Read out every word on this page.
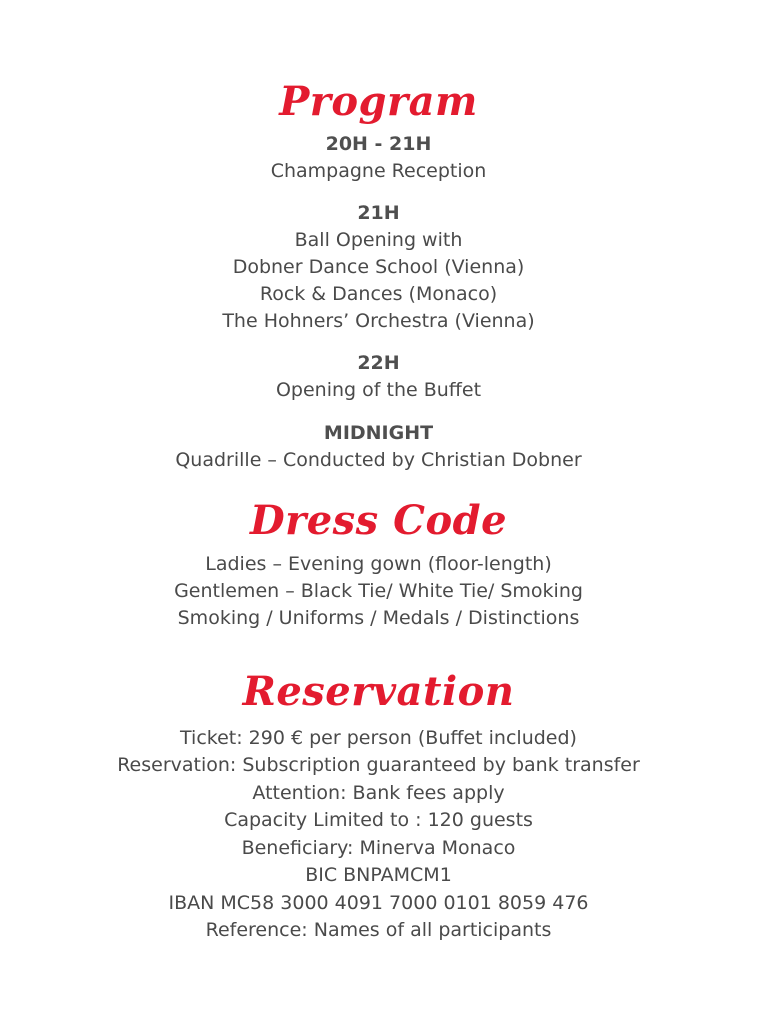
Program
20H - 21H
Champagne Reception
21H
Ball Opening with
Dobner Dance School (Vienna)
Rock & Dances (Monaco)
The Hohners’ Orchestra (Vienna)
22H
Opening of the Buffet
MIDNIGHT
Quadrille – Conducted by Christian Dobner
Dress Code
Ladies – Evening gown (floor-length)
Gentlemen – Black Tie/ White Tie/ Smoking
Smoking / Uniforms / Medals / Distinctions
Reservation
Ticket: 290 € per person (Buffet included)
Reservation: Subscription guaranteed by bank transfer
Attention: Bank fees apply
Capacity Limited to : 120 guests
Beneficiary: Minerva Monaco
BIC BNPAMCM1
IBAN MC58 3000 4091 7000 0101 8059 476
Reference: Names of all participants
